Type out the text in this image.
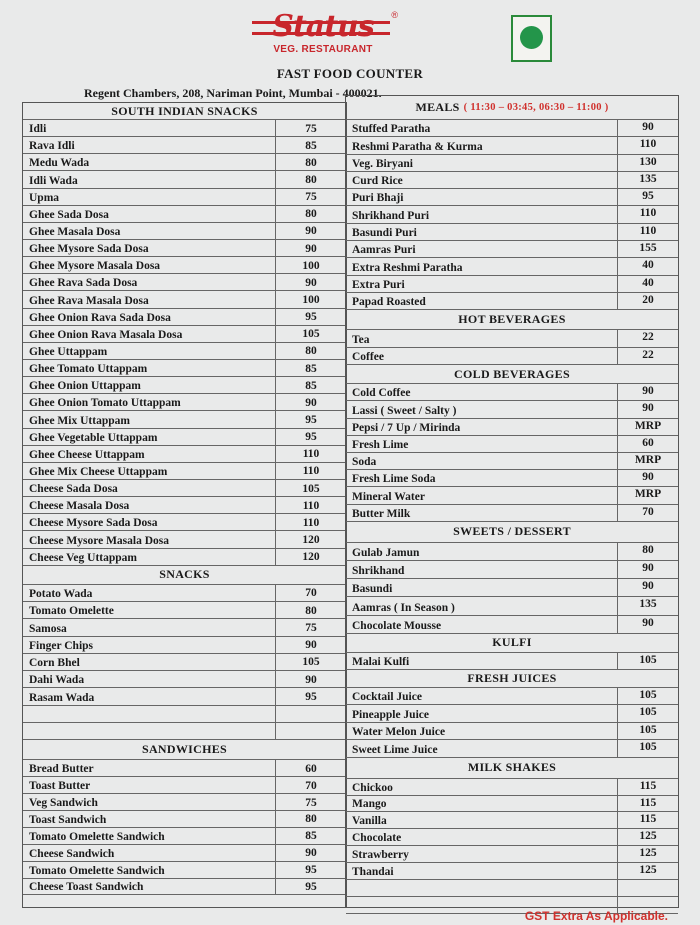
Status	®
VEG. RESTAURANT
FAST FOOD COUNTER
Regent Chambers, 208, Nariman Point, Mumbai - 400021.
SOUTH INDIAN SNACKS
Idli	75
Rava Idli	85
Medu Wada	80
Idli Wada	80
Upma	75
Ghee Sada Dosa	80
Ghee Masala Dosa	90
Ghee Mysore Sada Dosa	90
Ghee Mysore Masala Dosa	100
Ghee Rava Sada Dosa	90
Ghee Rava Masala Dosa	100
Ghee Onion Rava Sada Dosa	95
Ghee Onion Rava Masala Dosa	105
Ghee Uttappam	80
Ghee Tomato Uttappam	85
Ghee Onion Uttappam	85
Ghee Onion Tomato Uttappam	90
Ghee Mix Uttappam	95
Ghee Vegetable Uttappam	95
Ghee Cheese Uttappam	110
Ghee Mix Cheese Uttappam	110
Cheese Sada Dosa	105
Cheese Masala Dosa	110
Cheese Mysore Sada Dosa	110
Cheese Mysore Masala Dosa	120
Cheese Veg Uttappam	120
SNACKS
Potato Wada	70
Tomato Omelette	80
Samosa	75
Finger Chips	90
Corn Bhel	105
Dahi Wada	90
Rasam Wada	95
SANDWICHES
Bread Butter	60
Toast Butter	70
Veg Sandwich	75
Toast Sandwich	80
Tomato Omelette Sandwich	85
Cheese Sandwich	90
Tomato Omelette Sandwich	95
Cheese Toast Sandwich	95
MEALS ( 11:30 – 03:45, 06:30 – 11:00 )
Stuffed Paratha	90
Reshmi Paratha & Kurma	110
Veg. Biryani	130
Curd Rice	135
Puri Bhaji	95
Shrikhand Puri	110
Basundi Puri	110
Aamras Puri	155
Extra Reshmi Paratha	40
Extra Puri	40
Papad Roasted	20
HOT BEVERAGES
Tea	22
Coffee	22
COLD BEVERAGES
Cold Coffee	90
Lassi ( Sweet / Salty )	90
Pepsi / 7 Up / Mirinda	MRP
Fresh Lime	60
Soda	MRP
Fresh Lime Soda	90
Mineral Water	MRP
Butter Milk	70
SWEETS / DESSERT
Gulab Jamun	80
Shrikhand	90
Basundi	90
Aamras ( In Season )	135
Chocolate Mousse	90
KULFI
Malai Kulfi	105
FRESH JUICES
Cocktail Juice	105
Pineapple Juice	105
Water Melon Juice	105
Sweet Lime Juice	105
MILK SHAKES
Chickoo	115
Mango	115
Vanilla	115
Chocolate	125
Strawberry	125
Thandai	125
GST Extra As Applicable.
